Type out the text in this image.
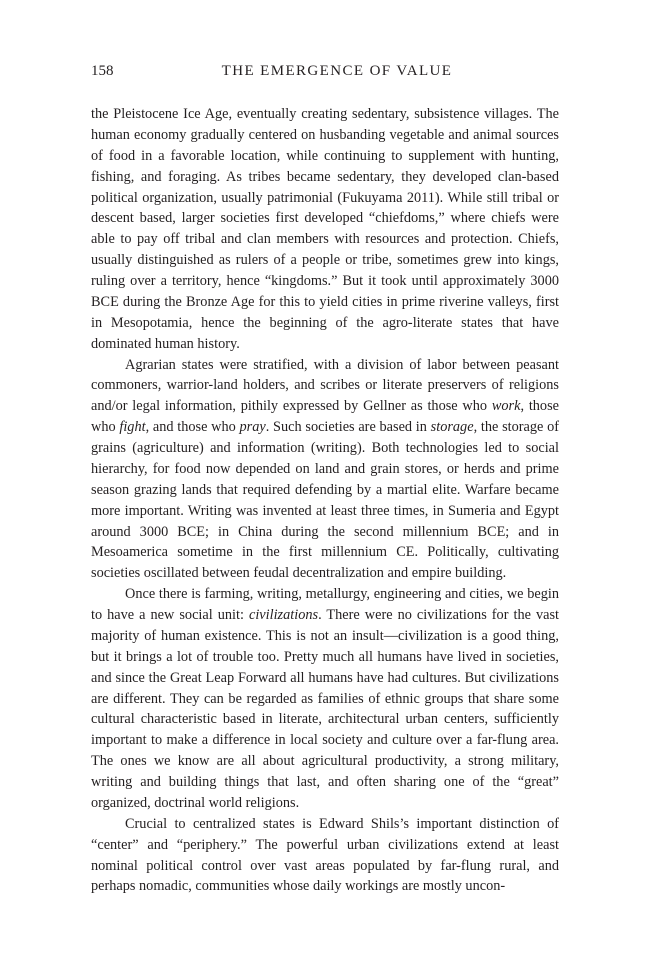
158	THE EMERGENCE OF VALUE

the Pleistocene Ice Age, eventually creating sedentary, subsistence villages. The human economy gradually centered on husbanding vegetable and animal sources of food in a favorable location, while continuing to supplement with hunting, fishing, and foraging. As tribes became sedentary, they developed clan-based political organization, usually patrimonial (Fukuyama 2011). While still tribal or descent based, larger societies first developed “chiefdoms,” where chiefs were able to pay off tribal and clan members with resources and protection. Chiefs, usually distinguished as rulers of a people or tribe, sometimes grew into kings, ruling over a territory, hence “kingdoms.” But it took until approximately 3000 BCE during the Bronze Age for this to yield cities in prime riverine valleys, first in Mesopotamia, hence the beginning of the agro-literate states that have dominated human history.

Agrarian states were stratified, with a division of labor between peasant commoners, warrior-land holders, and scribes or literate preservers of religions and/or legal information, pithily expressed by Gellner as those who work, those who fight, and those who pray. Such societies are based in storage, the storage of grains (agriculture) and information (writing). Both technologies led to social hierarchy, for food now depended on land and grain stores, or herds and prime season grazing lands that required defending by a martial elite. Warfare became more important. Writing was invented at least three times, in Sumeria and Egypt around 3000 BCE; in China during the second millennium BCE; and in Mesoamerica sometime in the first millennium CE. Politically, cultivating societies oscillated between feudal decentralization and empire building.

Once there is farming, writing, metallurgy, engineering and cities, we begin to have a new social unit: civilizations. There were no civilizations for the vast majority of human existence. This is not an insult—civilization is a good thing, but it brings a lot of trouble too. Pretty much all humans have lived in societies, and since the Great Leap Forward all humans have had cultures. But civilizations are different. They can be regarded as families of ethnic groups that share some cultural characteristic based in literate, architectural urban centers, sufficiently important to make a difference in local society and culture over a far-flung area. The ones we know are all about agricultural productivity, a strong military, writing and building things that last, and often sharing one of the “great” organized, doctrinal world religions.

Crucial to centralized states is Edward Shils’s important distinction of “center” and “periphery.” The powerful urban civilizations extend at least nominal political control over vast areas populated by far-flung rural, and perhaps nomadic, communities whose daily workings are mostly uncon-
